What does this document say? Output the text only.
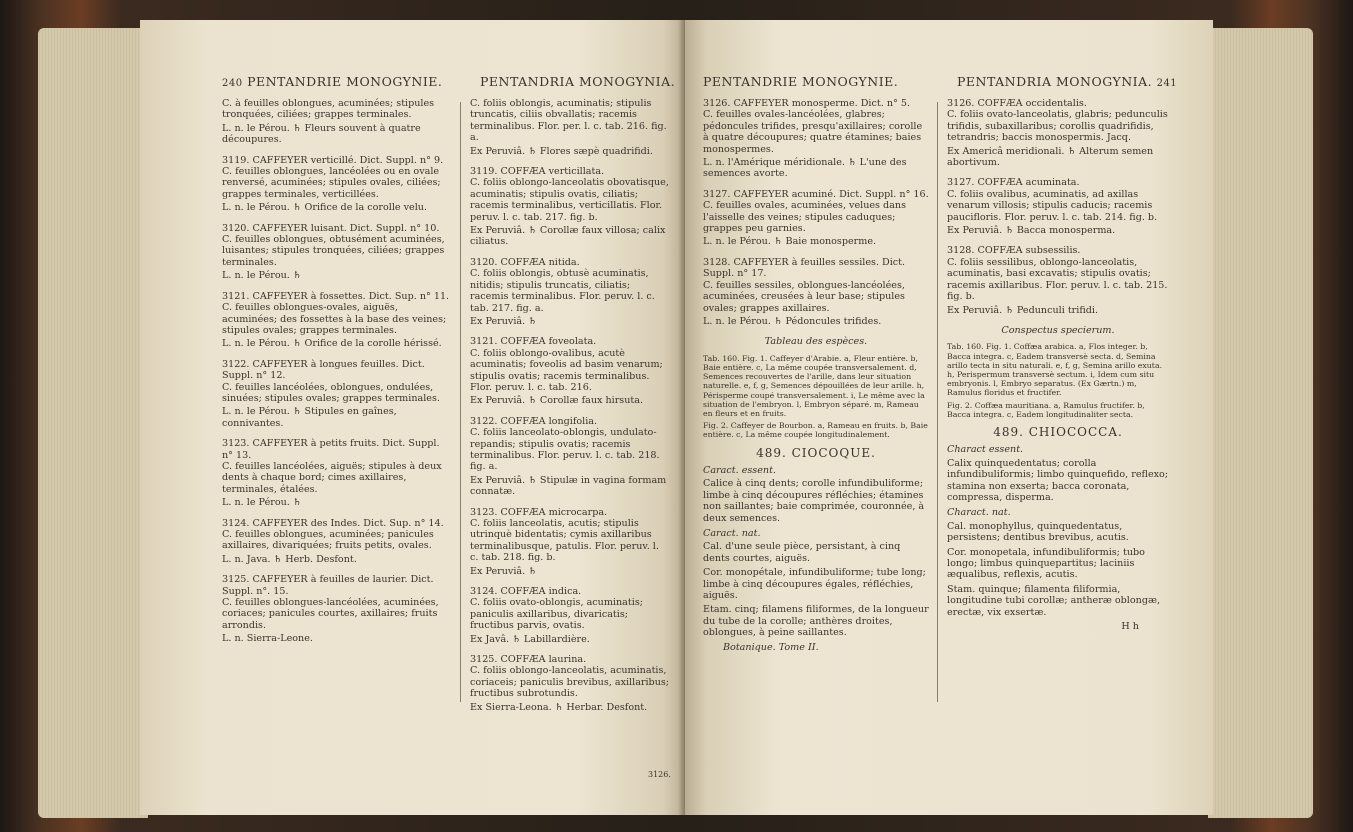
240 PENTANDRIE MONOGYNIE.	PENTANDRIA MONOGYNIA.

C. à feuilles oblongues, acuminées; stipules tronquées, ciliées; grappes terminales.

L. n. le Pérou. ♄ Fleurs souvent à quatre découpures.

3119. CAFFEYER verticillé. Dict. Suppl. n° 9.

C. feuilles oblongues, lancéolées ou en ovale renversé, acuminées; stipules ovales, ciliées; grappes terminales, verticillées.

L. n. le Pérou. ♄ Orifice de la corolle velu.

3120. CAFFEYER luisant. Dict. Suppl. n° 10.

C. feuilles oblongues, obtusément acuminées, luisantes; stipules tronquées, ciliées; grappes terminales.

L. n. le Pérou. ♄

3121. CAFFEYER à fossettes. Dict. Sup. n° 11.

C. feuilles oblongues-ovales, aiguës, acuminées; des fossettes à la base des veines; stipules ovales; grappes terminales.

L. n. le Pérou. ♄ Orifice de la corolle hérissé.

3122. CAFFEYER à longues feuilles. Dict. Suppl. n° 12.

C. feuilles lancéolées, oblongues, ondulées, sinuées; stipules ovales; grappes terminales.

L. n. le Pérou. ♄ Stipules en gaînes, connivantes.

3123. CAFFEYER à petits fruits. Dict. Suppl. n° 13.

C. feuilles lancéolées, aiguës; stipules à deux dents à chaque bord; cimes axillaires, terminales, étalées.

L. n. le Pérou. ♄

3124. CAFFEYER des Indes. Dict. Sup. n° 14.

C. feuilles oblongues, acuminées; panicules axillaires, divariquées; fruits petits, ovales.

L. n. Java. ♄ Herb. Desfont.

3125. CAFFEYER à feuilles de laurier. Dict. Suppl. n°. 15.

C. feuilles oblongues-lancéolées, acuminées, coriaces; panicules courtes, axillaires; fruits arrondis.

L. n. Sierra-Leone.

C. foliis oblongis, acuminatis; stipulis truncatis, ciliis obvallatis; racemis terminalibus. Flor. per. l. c. tab. 216. fig. a.

Ex Peruviâ. ♄ Flores sæpè quadrifidi.

3119. COFFÆA verticillata.

C. foliis oblongo-lanceolatis obovatisque, acuminatis; stipulis ovatis, ciliatis; racemis terminalibus, verticillatis. Flor. peruv. l. c. tab. 217. fig. b.

Ex Peruviâ. ♄ Corollæ faux villosa; calix ciliatus.

3120. COFFÆA nitida.

C. foliis oblongis, obtusè acuminatis, nitidis; stipulis truncatis, ciliatis; racemis terminalibus. Flor. peruv. l. c. tab. 217. fig. a.

Ex Peruviâ. ♄

3121. COFFÆA foveolata.

C. foliis oblongo-ovalibus, acutè acuminatis; foveolis ad basim venarum; stipulis ovatis; racemis terminalibus. Flor. peruv. l. c. tab. 216.

Ex Peruviâ. ♄ Corollæ faux hirsuta.

3122. COFFÆA longifolia.

C. foliis lanceolato-oblongis, undulato-repandis; stipulis ovatis; racemis terminalibus. Flor. peruv. l. c. tab. 218. fig. a.

Ex Peruviâ. ♄ Stipulæ in vagina formam connatæ.

3123. COFFÆA microcarpa.

C. foliis lanceolatis, acutis; stipulis utrinquè bidentatis; cymis axillaribus terminalibusque, patulis. Flor. peruv. l. c. tab. 218. fig. b.

Ex Peruviâ. ♄

3124. COFFÆA indica.

C. foliis ovato-oblongis, acuminatis; paniculis axillaribus, divaricatis; fructibus parvis, ovatis.

Ex Javâ. ♄ Labillardière.

3125. COFFÆA laurina.

C. foliis oblongo-lanceolatis, acuminatis, coriaceis; paniculis brevibus, axillaribus; fructibus subrotundis.

Ex Sierra-Leona. ♄ Herbar. Desfont.

3126.
PENTANDRIE MONOGYNIE.	PENTANDRIA MONOGYNIA. 241

3126. CAFFEYER monosperme. Dict. n° 5.

C. feuilles ovales-lancéolées, glabres; pédoncules trifides, presqu'axillaires; corolle à quatre découpures; quatre étamines; baies monospermes.

L. n. l'Amérique méridionale. ♄ L'une des semences avorte.

3127. CAFFEYER acuminé. Dict. Suppl. n° 16.

C. feuilles ovales, acuminées, velues dans l'aisselle des veines; stipules caduques; grappes peu garnies.

L. n. le Pérou. ♄ Baie monosperme.

3128. CAFFEYER à feuilles sessiles. Dict. Suppl. n° 17.

C. feuilles sessiles, oblongues-lancéolées, acuminées, creusées à leur base; stipules ovales; grappes axillaires.

L. n. le Pérou. ♄ Pédoncules trifides.

Tableau des espèces.

Tab. 160. Fig. 1. Caffeyer d'Arabie. a, Fleur entière. b, Baie entière. c, La même coupée transversalement. d, Semences recouvertes de l'arille, dans leur situation naturelle. e, f, g, Semences dépouillées de leur arille. h, Périsperme coupé transversalement. i, Le même avec la situation de l'embryon. l, Embryon séparé. m, Rameau en fleurs et en fruits.

Fig. 2. Caffeyer de Bourbon. a, Rameau en fruits. b, Baie entière. c, La même coupée longitudinalement.

489. CIOCOQUE.

Caract. essent.

Calice à cinq dents; corolle infundibuliforme; limbe à cinq découpures réfléchies; étamines non saillantes; baie comprimée, couronnée, à deux semences.

Caract. nat.

Cal. d'une seule pièce, persistant, à cinq dents courtes, aiguës.

Cor. monopétale, infundibuliforme; tube long; limbe à cinq découpures égales, réfléchies, aiguës.

Etam. cinq; filamens filiformes, de la longueur du tube de la corolle; anthères droites, oblongues, à peine saillantes.

Botanique. Tome II.

3126. COFFÆA occidentalis.

C. foliis ovato-lanceolatis, glabris; pedunculis trifidis, subaxillaribus; corollis quadrifidis, tetrandris; baccis monospermis. Jacq.

Ex Americâ meridionali. ♄ Alterum semen abortivum.

3127. COFFÆA acuminata.

C. foliis ovalibus, acuminatis, ad axillas venarum villosis; stipulis caducis; racemis paucifloris. Flor. peruv. l. c. tab. 214. fig. b.

Ex Peruviâ. ♄ Bacca monosperma.

3128. COFFÆA subsessilis.

C. foliis sessilibus, oblongo-lanceolatis, acuminatis, basi excavatis; stipulis ovatis; racemis axillaribus. Flor. peruv. l. c. tab. 215. fig. b.

Ex Peruviâ. ♄ Pedunculi trifidi.

Conspectus specierum.

Tab. 160. Fig. 1. Coffæa arabica. a, Flos integer. b, Bacca integra. c, Eadem transversè secta. d, Semina arillo tecta in situ naturali. e, f, g, Semina arillo exuta. h, Perispermum transversè sectum. i, Idem cum situ embryonis. l, Embryo separatus. (Ex Gærtn.) m, Ramulus floridus et fructifer.

Fig. 2. Coffæa mauritiana. a, Ramulus fructifer. b, Bacca integra. c, Eadem longitudinaliter secta.

489. CHIOCOCCA.

Charact essent.

Calix quinquedentatus; corolla infundibuliformis; limbo quinquefido, reflexo; stamina non exserta; bacca coronata, compressa, disperma.

Charact. nat.

Cal. monophyllus, quinquedentatus, persistens; dentibus brevibus, acutis.

Cor. monopetala, infundibuliformis; tubo longo; limbus quinquepartitus; laciniis æqualibus, reflexis, acutis.

Stam. quinque; filamenta filiformia, longitudine tubi corollæ; antheræ oblongæ, erectæ, vix exsertæ.

H h
